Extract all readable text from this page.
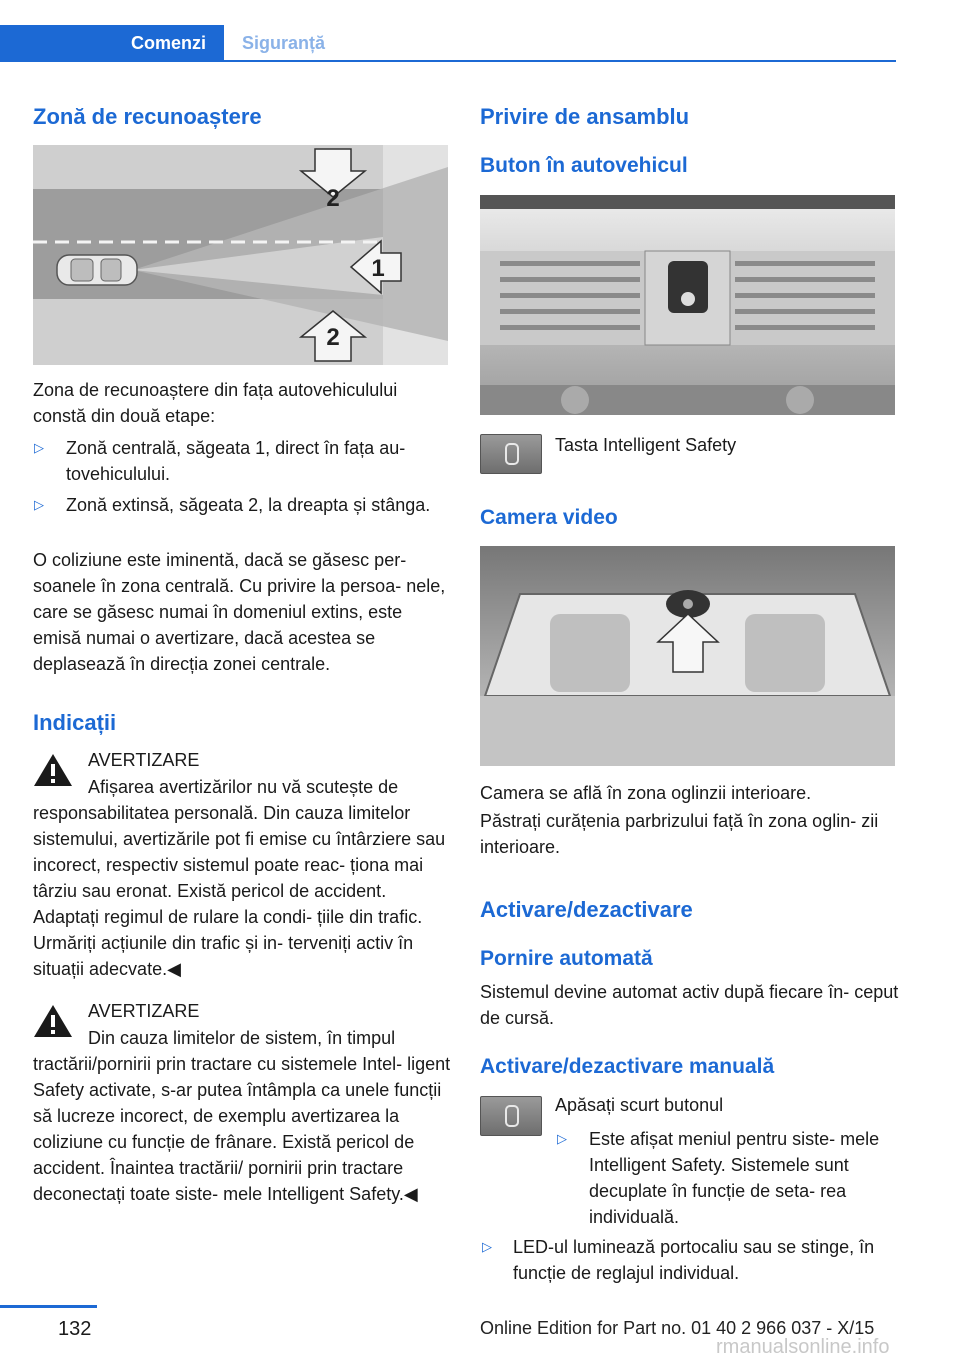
Comenzi	Siguranță
Zonă de recunoaștere
2
1
2
Zona de recunoaștere din fața autovehiculului constă din două etape:
▷ Zonă centrală, săgeata 1, direct în fața au- tovehiculului.
▷ Zonă extinsă, săgeata 2, la dreapta și stânga.
O coliziune este iminentă, dacă se găsesc per- soanele în zona centrală. Cu privire la persoa- nele, care se găsesc numai în domeniul extins, este emisă numai o avertizare, dacă acestea se deplasează în direcția zonei centrale.
Indicații
AVERTIZARE
Afișarea avertizărilor nu vă scutește de responsabilitatea personală. Din cauza limitelor sistemului, avertizările pot fi emise cu întârziere sau incorect, respectiv sistemul poate reac- ționa mai târziu sau eronat. Există pericol de accident. Adaptați regimul de rulare la condi- țiile din trafic. Urmăriți acțiunile din trafic și in- terveniți activ în situații adecvate.◀
AVERTIZARE
Din cauza limitelor de sistem, în timpul tractării/pornirii prin tractare cu sistemele Intel- ligent Safety activate, s-ar putea întâmpla ca unele funcții să lucreze incorect, de exemplu avertizarea la coliziune cu funcție de frânare. Există pericol de accident. Înaintea tractării/ pornirii prin tractare deconectați toate siste- mele Intelligent Safety.◀
Privire de ansamblu
Buton în autovehicul
Tasta Intelligent Safety
Camera video
Camera se află în zona oglinzii interioare.
Păstrați curățenia parbrizului față în zona oglin- zii interioare.
Activare/dezactivare
Pornire automată
Sistemul devine automat activ după fiecare în- ceput de cursă.
Activare/dezactivare manuală
Apăsați scurt butonul
▷ Este afișat meniul pentru siste- mele Intelligent Safety. Sistemele sunt decuplate în funcție de seta- rea individuală.
▷ LED-ul luminează portocaliu sau se stinge, în funcție de reglajul individual.
132	Online Edition for Part no. 01 40 2 966 037 - X/15
rmanualsonline.info
